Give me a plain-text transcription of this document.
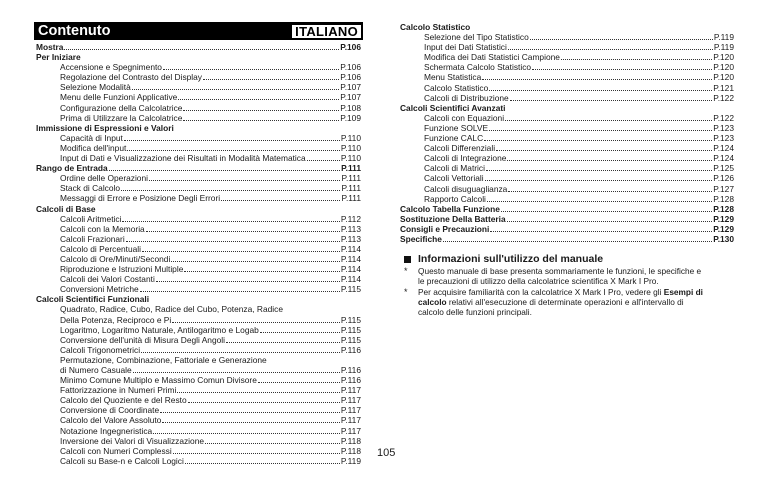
Contenuto	ITALIANO
Mostra	P.106
Per Iniziare
Accensione e Spegnimento	P.106
Regolazione del Contrasto del Display	P.106
Selezione Modalità	P.107
Menu delle Funzioni Applicative	P.107
Configurazione della Calcolatrice	P.108
Prima di Utilizzare la Calcolatrice	P.109
Immissione di Espressioni e Valori
Capacità di Input	P.110
Modifica dell'input	P.110
Input di Dati e Visualizzazione dei Risultati in Modalità Matematica	P.110
Rango de Entrada	P.111
Ordine delle Operazioni	P.111
Stack di Calcolo	P.111
Messaggi di Errore e Posizione Degli Errori	P.111
Calcoli di Base
Calcoli Aritmetici	P.112
Calcoli con la Memoria	P.113
Calcoli Frazionari	P.113
Calcolo di Percentuali	P.114
Calcolo di Ore/Minuti/Secondi	P.114
Riproduzione e Istruzioni Multiple	P.114
Calcoli dei Valori Costanti	P.114
Conversioni Metriche	P.115
Calcoli Scientifici Funzionali
Quadrato, Radice, Cubo, Radice del Cubo, Potenza, Radice
Della Potenza, Reciproco e Pi	P.115
Logaritmo, Logaritmo Naturale, Antilogaritmo e Logab	P.115
Conversione dell'unità di Misura Degli Angoli	P.115
Calcoli Trigonometrici	P.116
Permutazione, Combinazione, Fattoriale e Generazione
di Numero Casuale	P.116
Minimo Comune Multiplo e Massimo Comun Divisore	P.116
Fattorizzazione in Numeri Primi	P.117
Calcolo del Quoziente e del Resto	P.117
Conversione di Coordinate	P.117
Calcolo del Valore Assoluto	P.117
Notazione Ingegneristica	P.117
Inversione dei Valori di Visualizzazione	P.118
Calcoli con Numeri Complessi	P.118
Calcoli su Base-n e Calcoli Logici	P.119
Calcolo Statistico
Selezione del Tipo Statistico	P.119
Input dei Dati Statistici	P.119
Modifica dei Dati Statistici Campione	P.120
Schermata Calcolo Statistico	P.120
Menu Statistica	P.120
Calcolo Statistico	P.121
Calcoli di Distribuzione	P.122
Calcoli Scientifici Avanzati
Calcoli con Equazioni	P.122
Funzione SOLVE	P.123
Funzione CALC	P.123
Calcoli Differenziali	P.124
Calcoli di Integrazione	P.124
Calcoli di Matrici	P.125
Calcoli Vettoriali	P.126
Calcoli disuguaglianza	P.127
Rapporto Calcoli	P.128
Calcolo Tabella Funzione	P.128
Sostituzione Della Batteria	P.129
Consigli e Precauzioni	P.129
Specifiche	P.130
Informazioni sull'utilizzo del manuale
*	Questo manuale di base presenta sommariamente le funzioni, le specifiche e le precauzioni di utilizzo della calcolatrice scientifica X Mark I Pro.
*	Per acquisire familiarità con la calcolatrice X Mark I Pro, vedere gli Esempi di calcolo relativi all'esecuzione di determinate operazioni e all'intervallo di calcolo delle funzioni principali.
105
